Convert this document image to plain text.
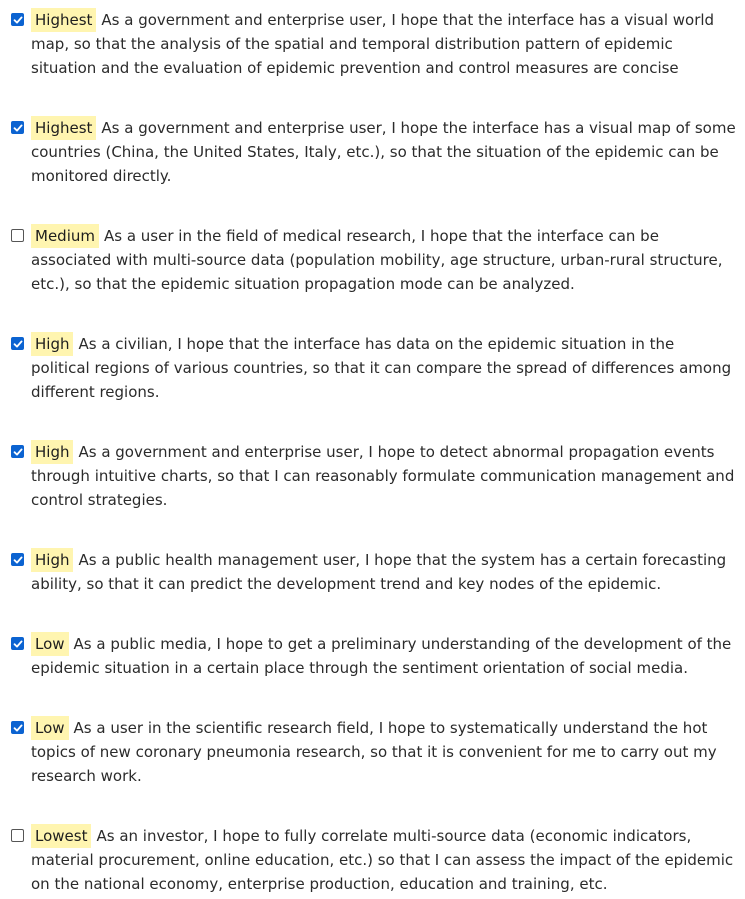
Highest As a government and enterprise user, I hope that the interface has a visual world map, so that the analysis of the spatial and temporal distribution pattern of epidemic situation and the evaluation of epidemic prevention and control measures are concise
Highest As a government and enterprise user, I hope the interface has a visual map of some countries (China, the United States, Italy, etc.), so that the situation of the epidemic can be monitored directly.
Medium As a user in the field of medical research, I hope that the interface can be associated with multi-source data (population mobility, age structure, urban-rural structure, etc.), so that the epidemic situation propagation mode can be analyzed.
High As a civilian, I hope that the interface has data on the epidemic situation in the political regions of various countries, so that it can compare the spread of differences among different regions.
High As a government and enterprise user, I hope to detect abnormal propagation events through intuitive charts, so that I can reasonably formulate communication management and control strategies.
High As a public health management user, I hope that the system has a certain forecasting ability, so that it can predict the development trend and key nodes of the epidemic.
Low As a public media, I hope to get a preliminary understanding of the development of the epidemic situation in a certain place through the sentiment orientation of social media.
Low As a user in the scientific research field, I hope to systematically understand the hot topics of new coronary pneumonia research, so that it is convenient for me to carry out my research work.
Lowest As an investor, I hope to fully correlate multi-source data (economic indicators, material procurement, online education, etc.) so that I can assess the impact of the epidemic on the national economy, enterprise production, education and training, etc.
